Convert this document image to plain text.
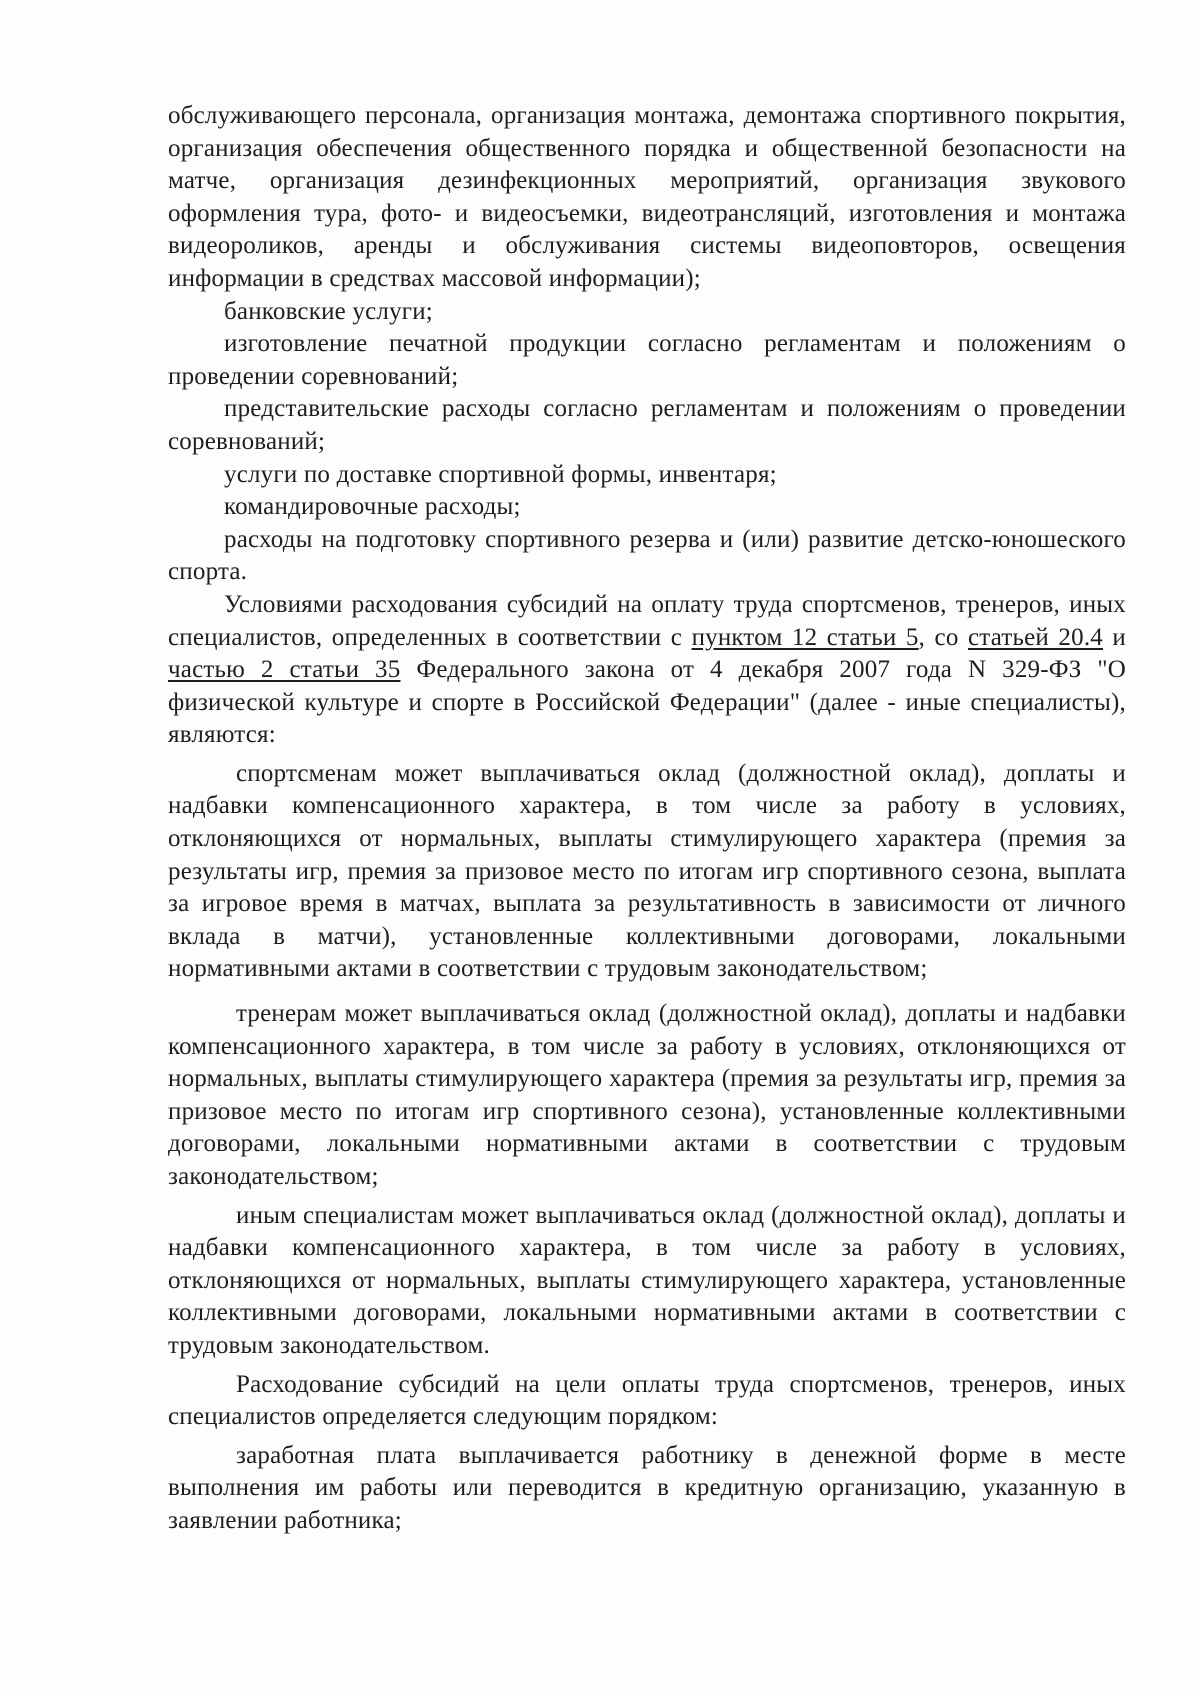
обслуживающего персонала, организация монтажа, демонтажа спортивного покрытия, организация обеспечения общественного порядка и общественной безопасности на матче, организация дезинфекционных мероприятий, организация звукового оформления тура, фото- и видеосъемки, видеотрансляций, изготовления и монтажа видеороликов, аренды и обслуживания системы видеоповторов, освещения информации в средствах массовой информации);

банковские услуги;

изготовление печатной продукции согласно регламентам и положениям о проведении соревнований;

представительские расходы согласно регламентам и положениям о проведении соревнований;

услуги по доставке спортивной формы, инвентаря;

командировочные расходы;

расходы на подготовку спортивного резерва и (или) развитие детско-юношеского спорта.

Условиями расходования субсидий на оплату труда спортсменов, тренеров, иных специалистов, определенных в соответствии с пунктом 12 статьи 5, со статьей 20.4 и частью 2 статьи 35 Федерального закона от 4 декабря 2007 года N 329-ФЗ "О физической культуре и спорте в Российской Федерации" (далее - иные специалисты), являются:

спортсменам может выплачиваться оклад (должностной оклад), доплаты и надбавки компенсационного характера, в том числе за работу в условиях, отклоняющихся от нормальных, выплаты стимулирующего характера (премия за результаты игр, премия за призовое место по итогам игр спортивного сезона, выплата за игровое время в матчах, выплата за результативность в зависимости от личного вклада в матчи), установленные коллективными договорами, локальными нормативными актами в соответствии с трудовым законодательством;

тренерам может выплачиваться оклад (должностной оклад), доплаты и надбавки компенсационного характера, в том числе за работу в условиях, отклоняющихся от нормальных, выплаты стимулирующего характера (премия за результаты игр, премия за призовое место по итогам игр спортивного сезона), установленные коллективными договорами, локальными нормативными актами в соответствии с трудовым законодательством;

иным специалистам может выплачиваться оклад (должностной оклад), доплаты и надбавки компенсационного характера, в том числе за работу в условиях, отклоняющихся от нормальных, выплаты стимулирующего характера, установленные коллективными договорами, локальными нормативными актами в соответствии с трудовым законодательством.

Расходование субсидий на цели оплаты труда спортсменов, тренеров, иных специалистов определяется следующим порядком:

заработная плата выплачивается работнику в денежной форме в месте выполнения им работы или переводится в кредитную организацию, указанную в заявлении работника;
